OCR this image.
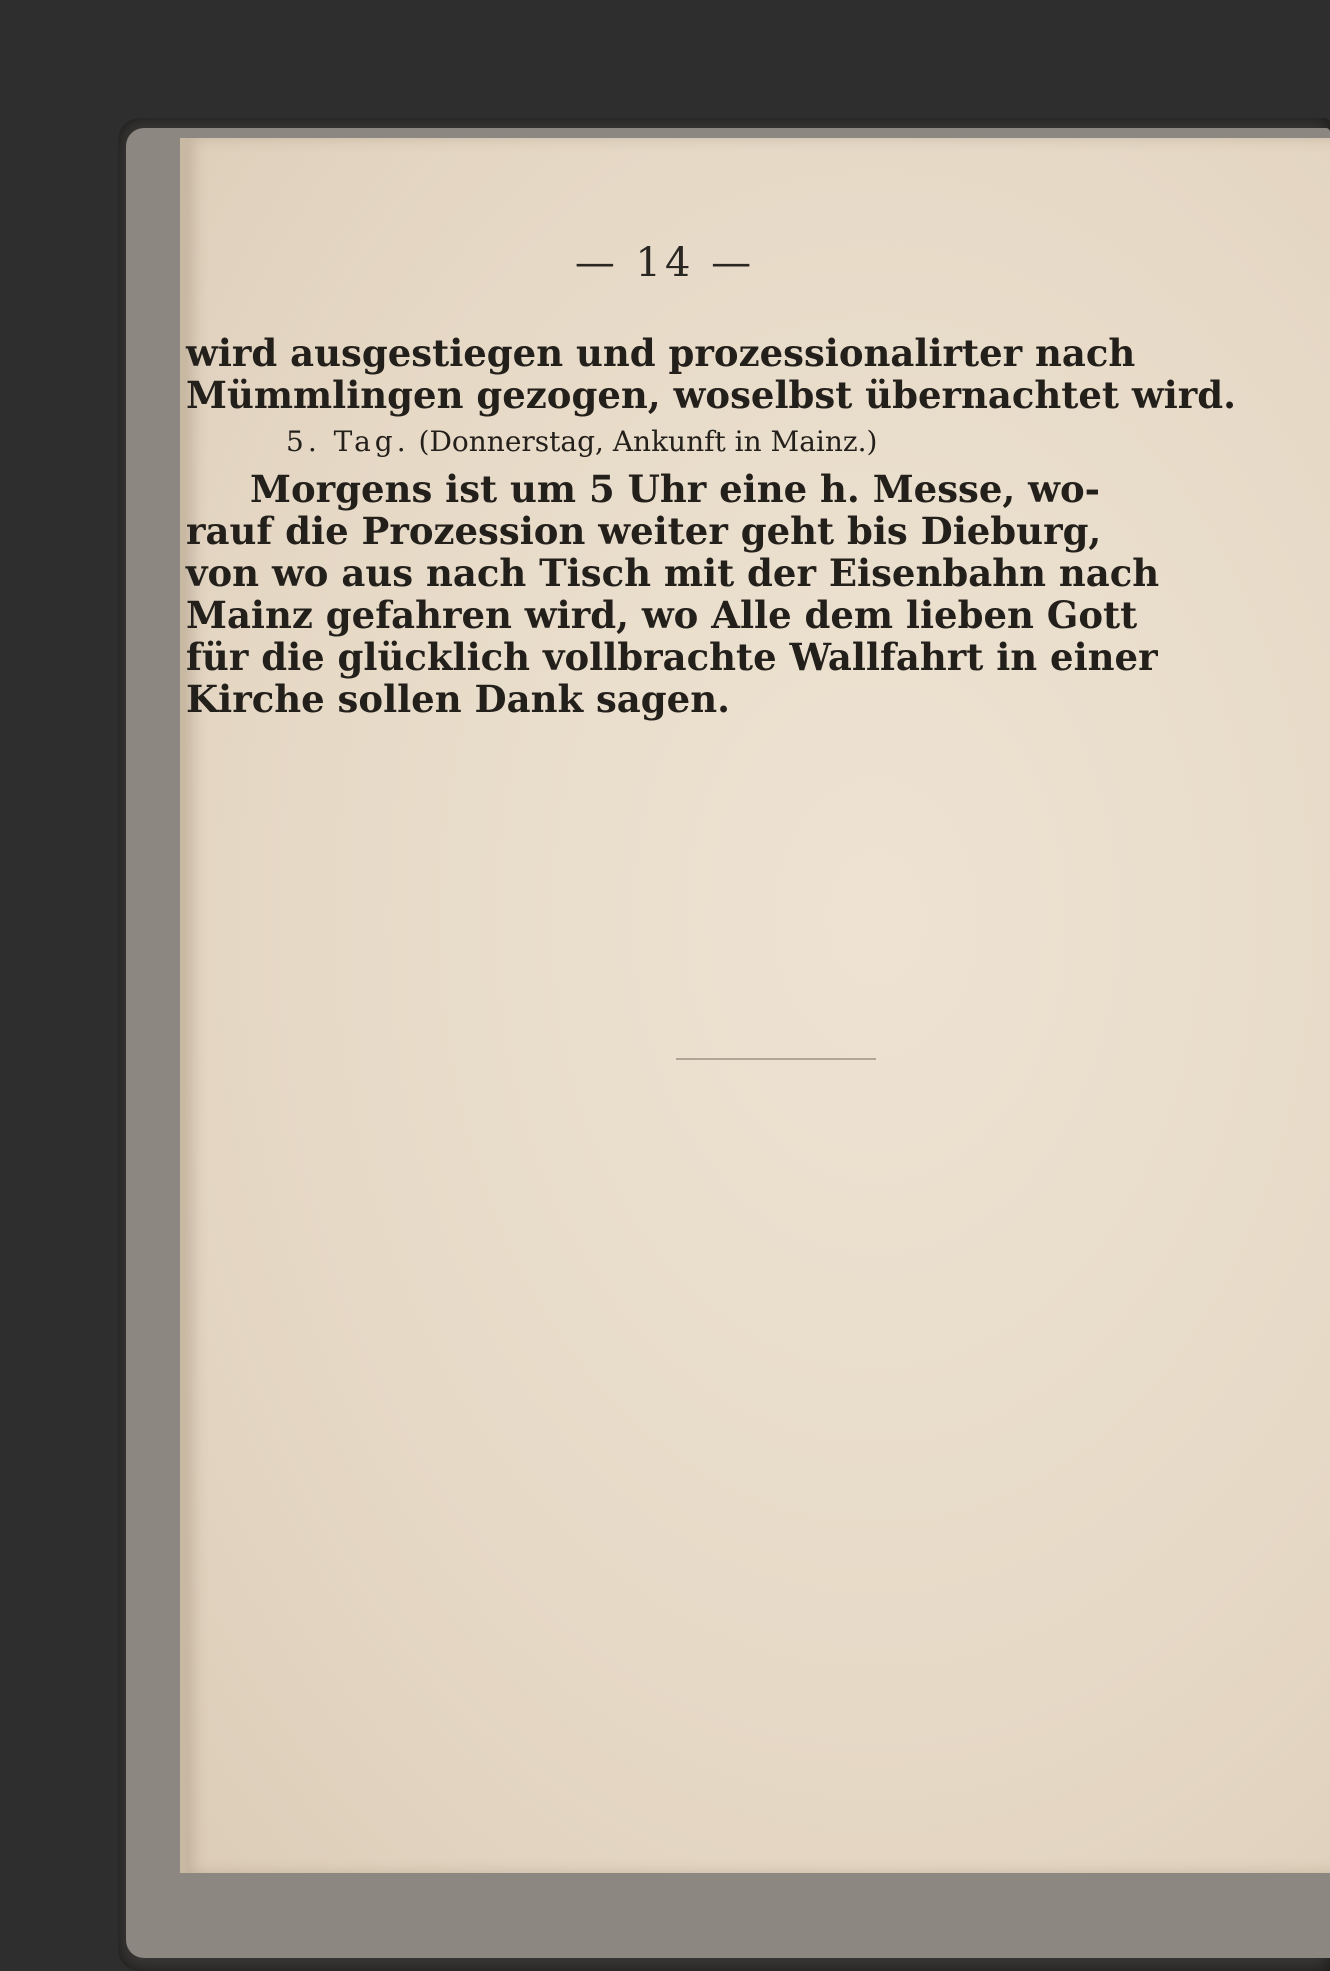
— 14 —
wird ausgestiegen und prozessionalirter nach
Mümmlingen gezogen, woselbst übernachtet wird.
5. Tag. (Donnerstag, Ankunft in Mainz.)
Morgens ist um 5 Uhr eine h. Messe, wo-
rauf die Prozession weiter geht bis Dieburg,
von wo aus nach Tisch mit der Eisenbahn nach
Mainz gefahren wird, wo Alle dem lieben Gott
für die glücklich vollbrachte Wallfahrt in einer
Kirche sollen Dank sagen.
